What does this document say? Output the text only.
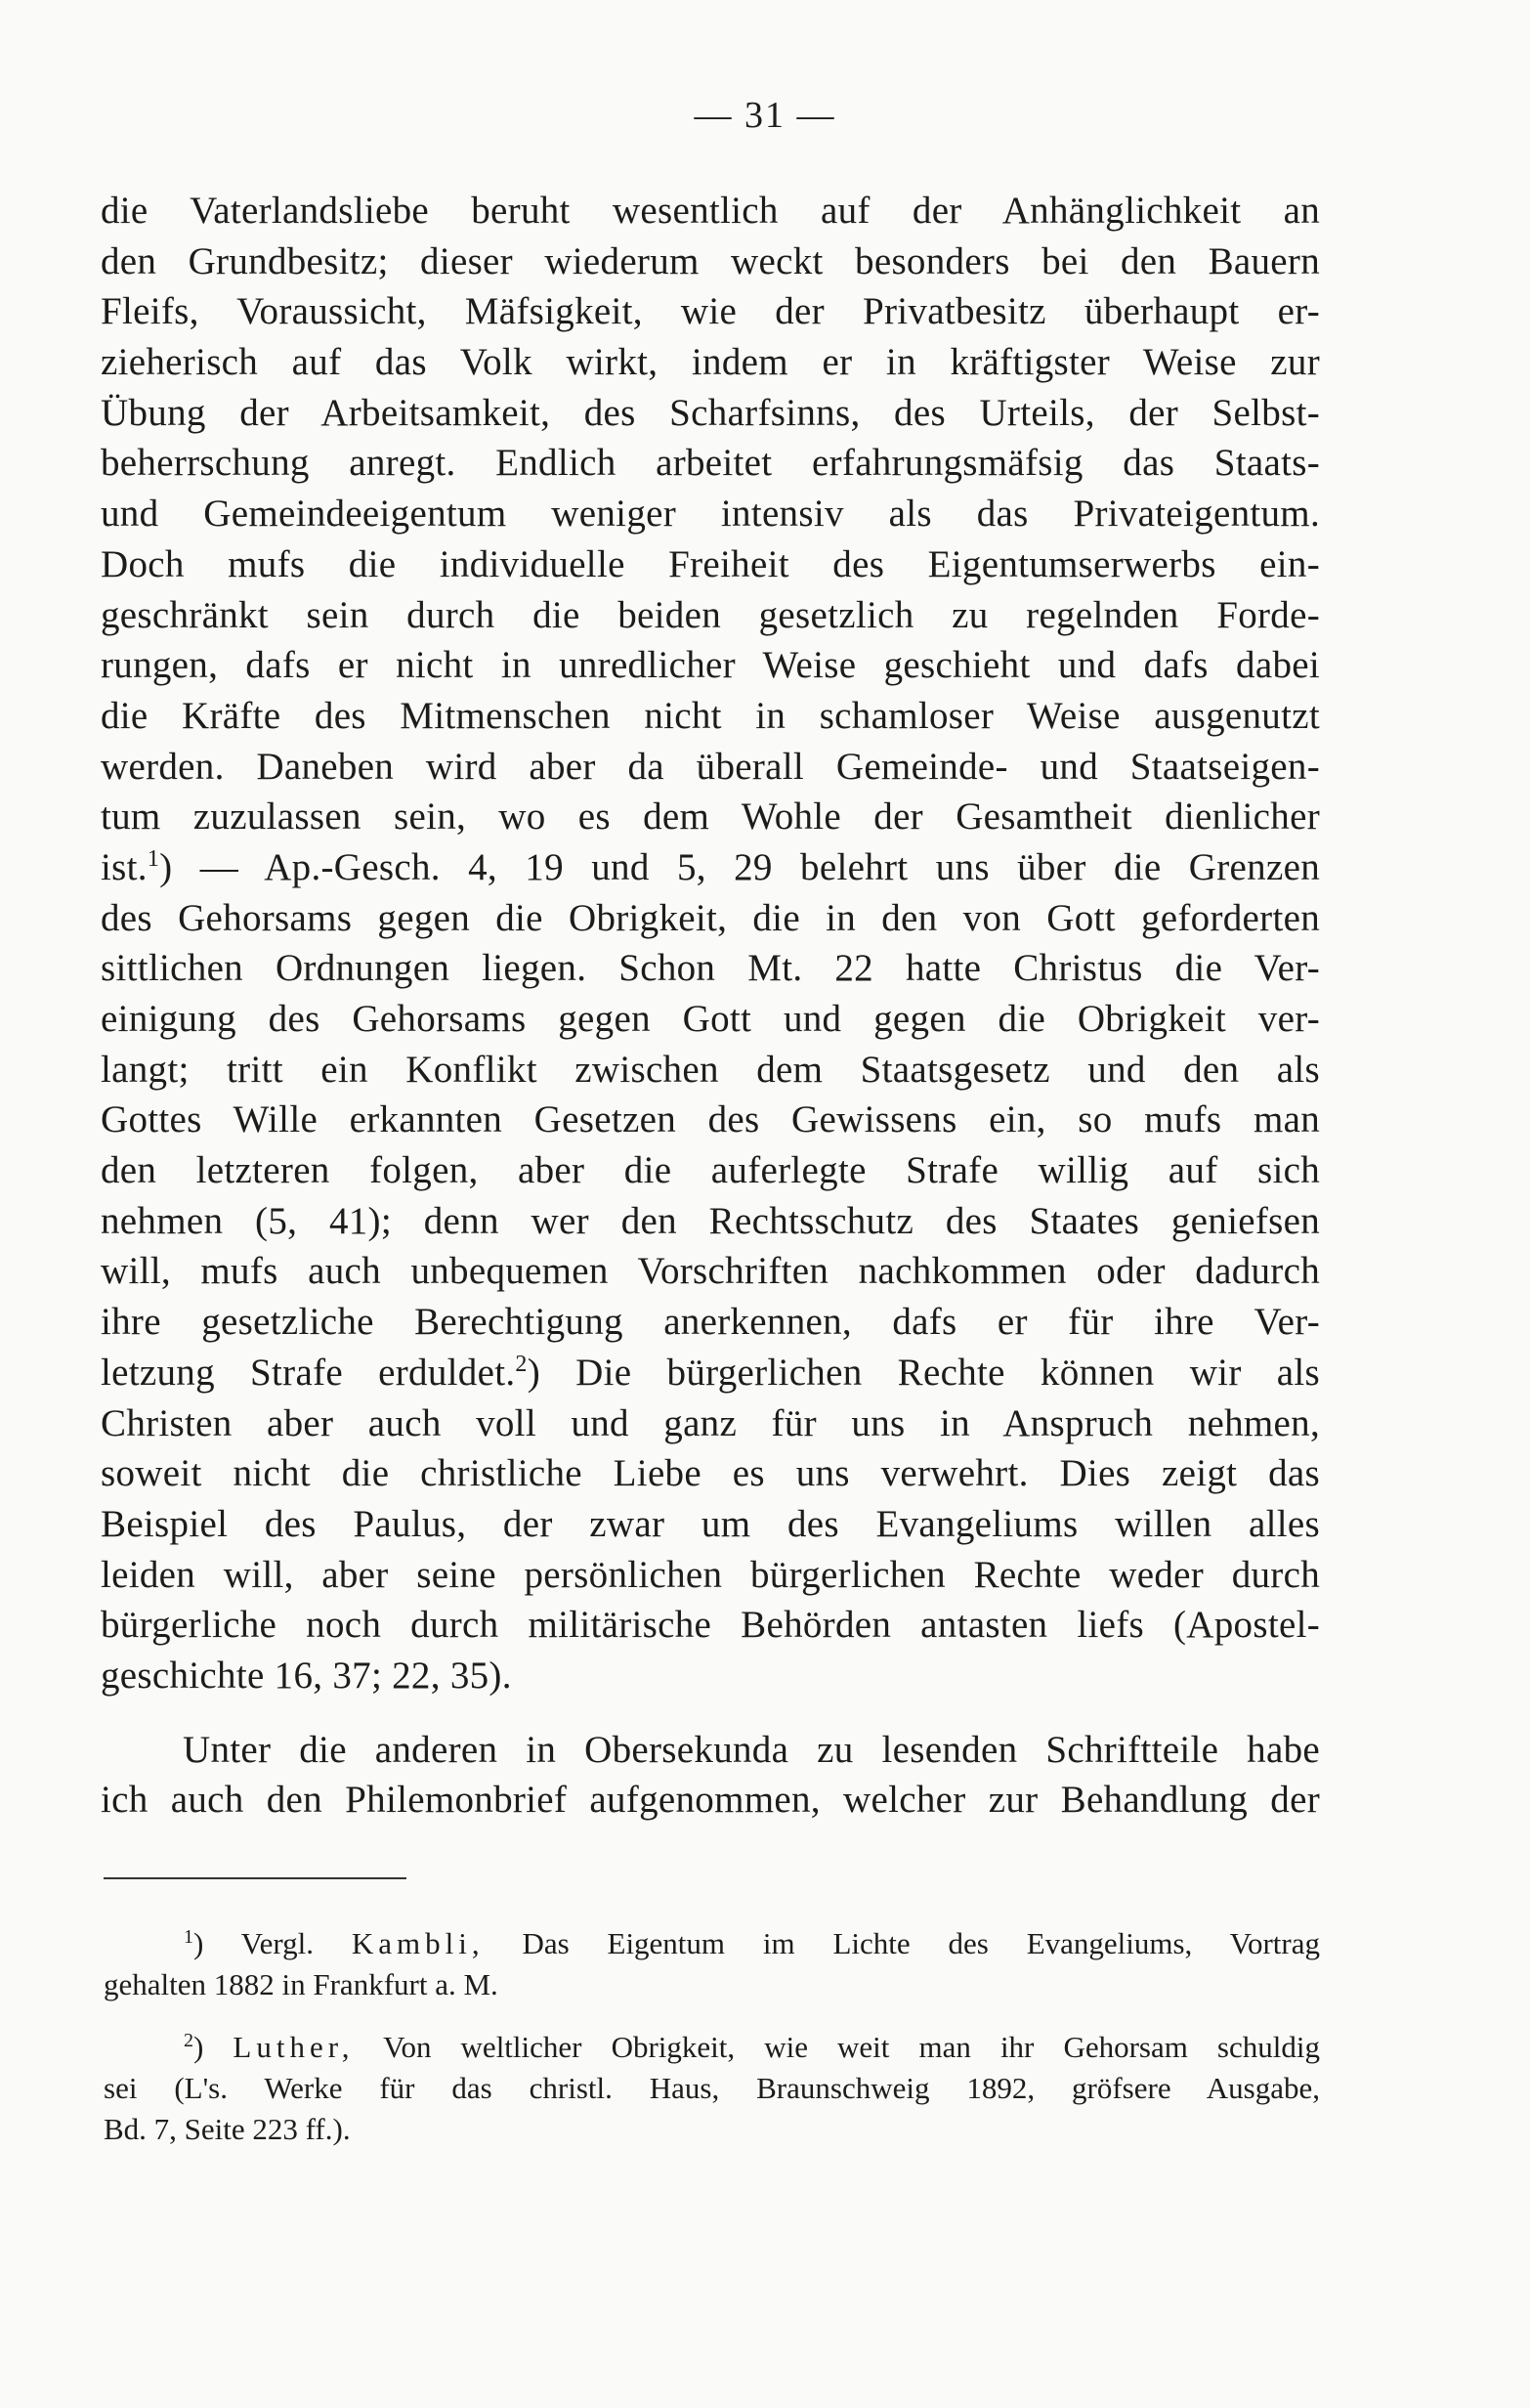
— 31 —
die Vaterlandsliebe beruht wesentlich auf der Anhänglichkeit an
den Grundbesitz; dieser wiederum weckt besonders bei den Bauern
Fleifs, Voraussicht, Mäfsigkeit, wie der Privatbesitz überhaupt er-
zieherisch auf das Volk wirkt, indem er in kräftigster Weise zur
Übung der Arbeitsamkeit, des Scharfsinns, des Urteils, der Selbst-
beherrschung anregt. Endlich arbeitet erfahrungsmäfsig das Staats-
und Gemeindeeigentum weniger intensiv als das Privateigentum.
Doch mufs die individuelle Freiheit des Eigentumserwerbs ein-
geschränkt sein durch die beiden gesetzlich zu regelnden Forde-
rungen, dafs er nicht in unredlicher Weise geschieht und dafs dabei
die Kräfte des Mitmenschen nicht in schamloser Weise ausgenutzt
werden. Daneben wird aber da überall Gemeinde- und Staatseigen-
tum zuzulassen sein, wo es dem Wohle der Gesamtheit dienlicher
ist.$^1$) — Ap.-Gesch. 4, 19 und 5, 29 belehrt uns über die Grenzen
des Gehorsams gegen die Obrigkeit, die in den von Gott geforderten
sittlichen Ordnungen liegen. Schon Mt. 22 hatte Christus die Ver-
einigung des Gehorsams gegen Gott und gegen die Obrigkeit ver-
langt; tritt ein Konflikt zwischen dem Staatsgesetz und den als
Gottes Wille erkannten Gesetzen des Gewissens ein, so mufs man
den letzteren folgen, aber die auferlegte Strafe willig auf sich
nehmen (5, 41); denn wer den Rechtsschutz des Staates geniefsen
will, mufs auch unbequemen Vorschriften nachkommen oder dadurch
ihre gesetzliche Berechtigung anerkennen, dafs er für ihre Ver-
letzung Strafe erduldet.$^2$) Die bürgerlichen Rechte können wir als
Christen aber auch voll und ganz für uns in Anspruch nehmen,
soweit nicht die christliche Liebe es uns verwehrt. Dies zeigt das
Beispiel des Paulus, der zwar um des Evangeliums willen alles
leiden will, aber seine persönlichen bürgerlichen Rechte weder durch
bürgerliche noch durch militärische Behörden antasten liefs (Apostel-
geschichte 16, 37; 22, 35).
Unter die anderen in Obersekunda zu lesenden Schriftteile habe
ich auch den Philemonbrief aufgenommen, welcher zur Behandlung der
$^1$) Vergl. Kambli, Das Eigentum im Lichte des Evangeliums, Vortrag
gehalten 1882 in Frankfurt a. M.
$^2$) Luther, Von weltlicher Obrigkeit, wie weit man ihr Gehorsam schuldig
sei (L's. Werke für das christl. Haus, Braunschweig 1892, gröfsere Ausgabe,
Bd. 7, Seite 223 ff.).
